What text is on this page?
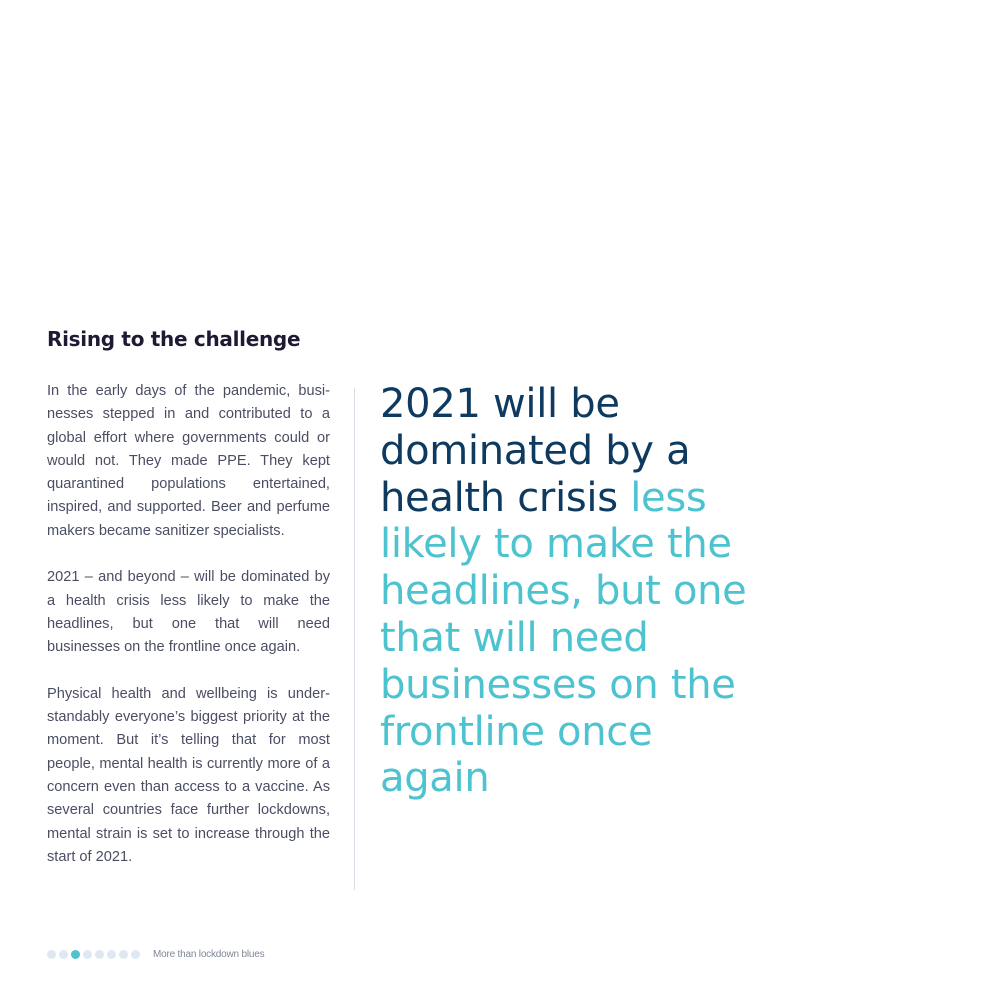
Rising to the challenge

In the early days of the pandemic, businesses stepped in and contributed to a global effort where governments could or would not. They made PPE. They kept quarantined populations entertained, inspired, and supported. Beer and perfume makers became sanitizer specialists.

2021 – and beyond – will be dominated by a health crisis less likely to make the headlines, but one that will need businesses on the frontline once again.

Physical health and wellbeing is understandably everyone’s biggest priority at the moment. But it’s telling that for most people, mental health is currently more of a concern even than access to a vaccine. As several countries face further lockdowns, mental strain is set to increase through the start of 2021.

2021 will be dominated by a health crisis less likely to make the headlines, but one that will need businesses on the frontline once again

More than lockdown blues
